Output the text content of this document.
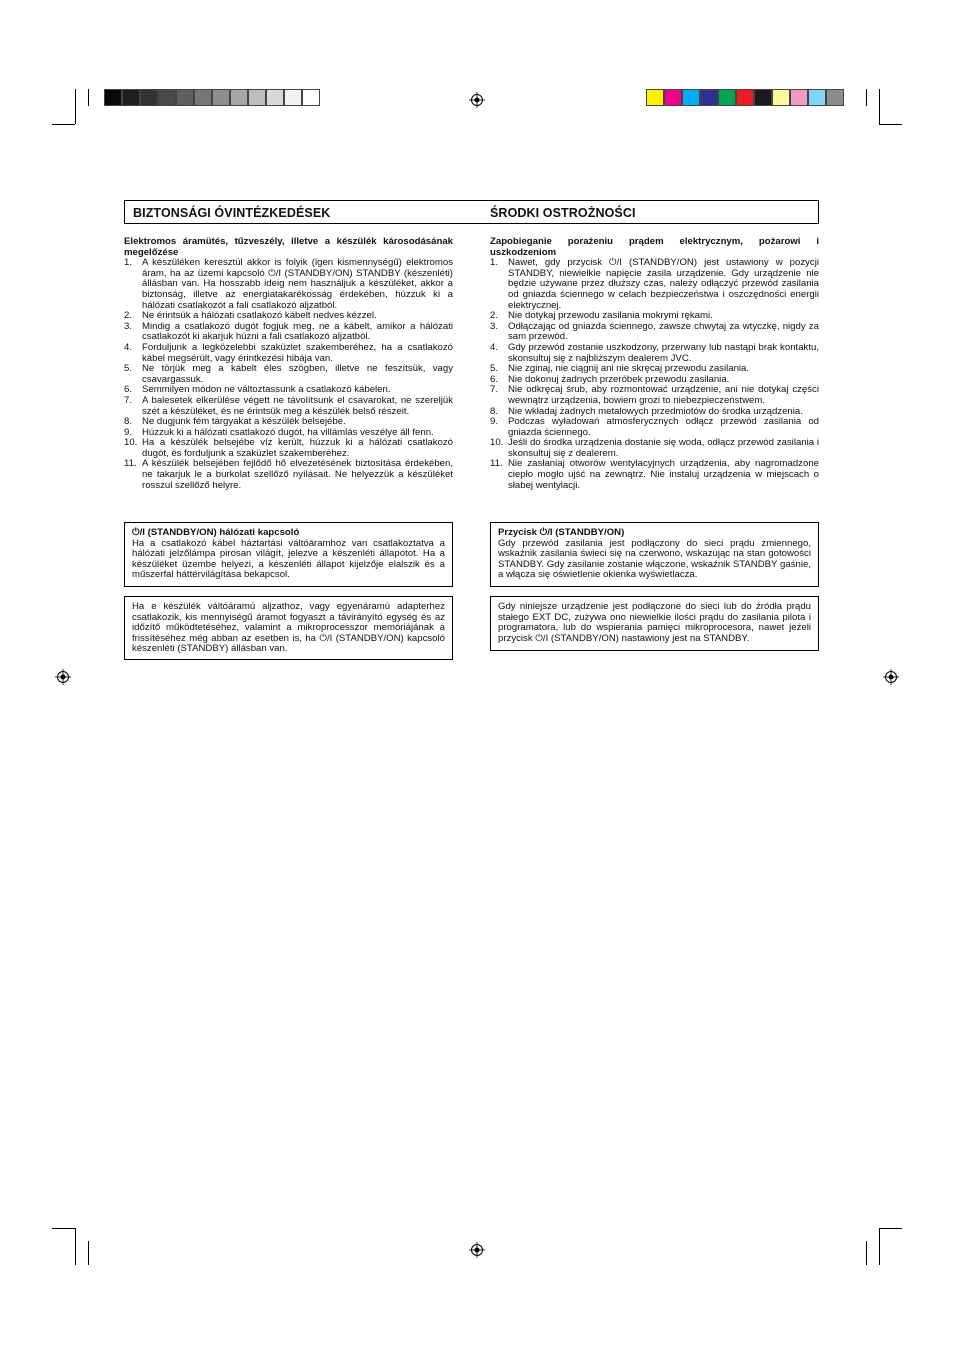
BIZTONSÁGI ÓVINTÉZKEDÉSEK	ŚRODKI OSTROŻNOŚCI
Elektromos áramütés, tűzveszély, illetve a készülék károsodásának megelőzése
1.	A készüléken keresztül akkor is folyik (igen kismennységű) elektromos áram, ha az üzemi kapcsoló ⏻/I (STANDBY/ON) STANDBY (készenléti) állásban van. Ha hosszabb ideig nem használjuk a készüléket, akkor a biztonság, illetve az energiatakarékosság érdekében, húzzuk ki a hálózati csatlakozót a fali csatlakozó aljzatból.
2.	Ne érintsük a hálózati csatlakozó kábelt nedves kézzel.
3.	Mindig a csatlakozó dugót fogjuk meg, ne a kábelt, amikor a hálózati csatlakozót ki akarjuk húzni a fali csatlakozó aljzatból.
4.	Forduljunk a legközelebbi szaküzlet szakemberéhez, ha a csatlakozó kábel megsérült, vagy érintkezési hibája van.
5.	Ne törjük meg a kábelt éles szögben, illetve ne feszítsük, vagy csavargassuk.
6.	Semmilyen módon ne változtassunk a csatlakozó kábelen.
7.	A balesetek elkerülése végett ne távolítsunk el csavarokat, ne szereljük szét a készüléket, és ne érintsük meg a készülék belső részeit.
8.	Ne dugjunk fém tárgyakat a készülék belsejébe.
9.	Húzzuk ki a hálózati csatlakozó dugót, ha villámlás veszélye áll fenn.
10. Ha a készülék belsejébe víz került, húzzuk ki a hálózati csatlakozó dugót, és forduljunk a szaküzlet szakemberéhez.
11. A készülék belsejében fejlődő hő elvezetésének biztosítása érdekében, ne takarjuk le a burkolat szellőző nyílásait. Ne helyezzük a készüléket rosszul szellőző helyre.
Zapobieganie porażeniu prądem elektrycznym, pożarowi i uszkodzeniom
1.	Nawet, gdy przycisk ⏻/I (STANDBY/ON) jest ustawiony w pozycji STANDBY, niewielkie napięcie zasila urządzenie. Gdy urządzenie nie będzie używane przez dłuższy czas, należy odłączyć przewód zasilania od gniazda ściennego w celach bezpieczeństwa i oszczędności energii elektrycznej.
2.	Nie dotykaj przewodu zasilania mokrymi rękami.
3.	Odłączając od gniazda ściennego, zawsze chwytaj za wtyczkę, nigdy za sam przewód.
4.	Gdy przewód zostanie uszkodzony, przerwany lub nastąpi brak kontaktu, skonsultuj się z najbliższym dealerem JVC.
5.	Nie zginaj, nie ciągnij ani nie skręcaj przewodu zasilania.
6.	Nie dokonuj żadnych przeróbek przewodu zasilania.
7.	Nie odkręcaj śrub, aby rozmontować urządzenie, ani nie dotykaj części wewnątrz urządzenia, bowiem grozi to niebezpieczeństwem.
8.	Nie wkładaj żadnych metalowych przedmiotów do środka urządzenia.
9.	Podczas wyładowań atmosferycznych odłącz przewód zasilania od gniazda ściennego.
10. Jeśli do środka urządzenia dostanie się woda, odłącz przewód zasilania i skonsultuj się z dealerem.
11. Nie zasłaniaj otworów wentylacyjnych urządzenia, aby nagromadzone ciepło mogło ujść na zewnątrz. Nie instaluj urządzenia w miejscach o słabej wentylacji.
⏻/I (STANDBY/ON) hálózati kapcsoló
Ha a csatlakozó kábel háztartási váltóáramhoz van csatlakoztatva a hálózati jelzőlámpa pirosan világít, jelezve a készenléti állapotot. Ha a készüléket üzembe helyezi, a készenléti állapot kijelzője elalszik és a műszerfal háttérvilágítása bekapcsol.
Ha e készülék váltóáramú aljzathoz, vagy egyenáramú adapterhez csatlakozik, kis mennyiségű áramot fogyaszt a távirányító egység és az időzítő működtetéséhez, valamint a mikroprocesszor memóriájának a frissítéséhez még abban az esetben is, ha ⏻/I (STANDBY/ON) kapcsoló készenléti (STANDBY) állásban van.
Przycisk ⏻/I (STANDBY/ON)
Gdy przewód zasilania jest podłączony do sieci prądu zmiennego, wskaźnik zasilania świeci się na czerwono, wskazując na stan gotowości STANDBY. Gdy zasilanie zostanie włączone, wskaźnik STANDBY gaśnie, a włącza się oświetlenie okienka wyświetlacza.
Gdy niniejsze urządzenie jest podłączone do sieci lub do źródła prądu stałego EXT DC, zużywa ono niewielkie ilości prądu do zasilania pilota i programatora, lub do wspierania pamięci mikroprocesora, nawet jeżeli przycisk ⏻/I (STANDBY/ON) nastawiony jest na STANDBY.
